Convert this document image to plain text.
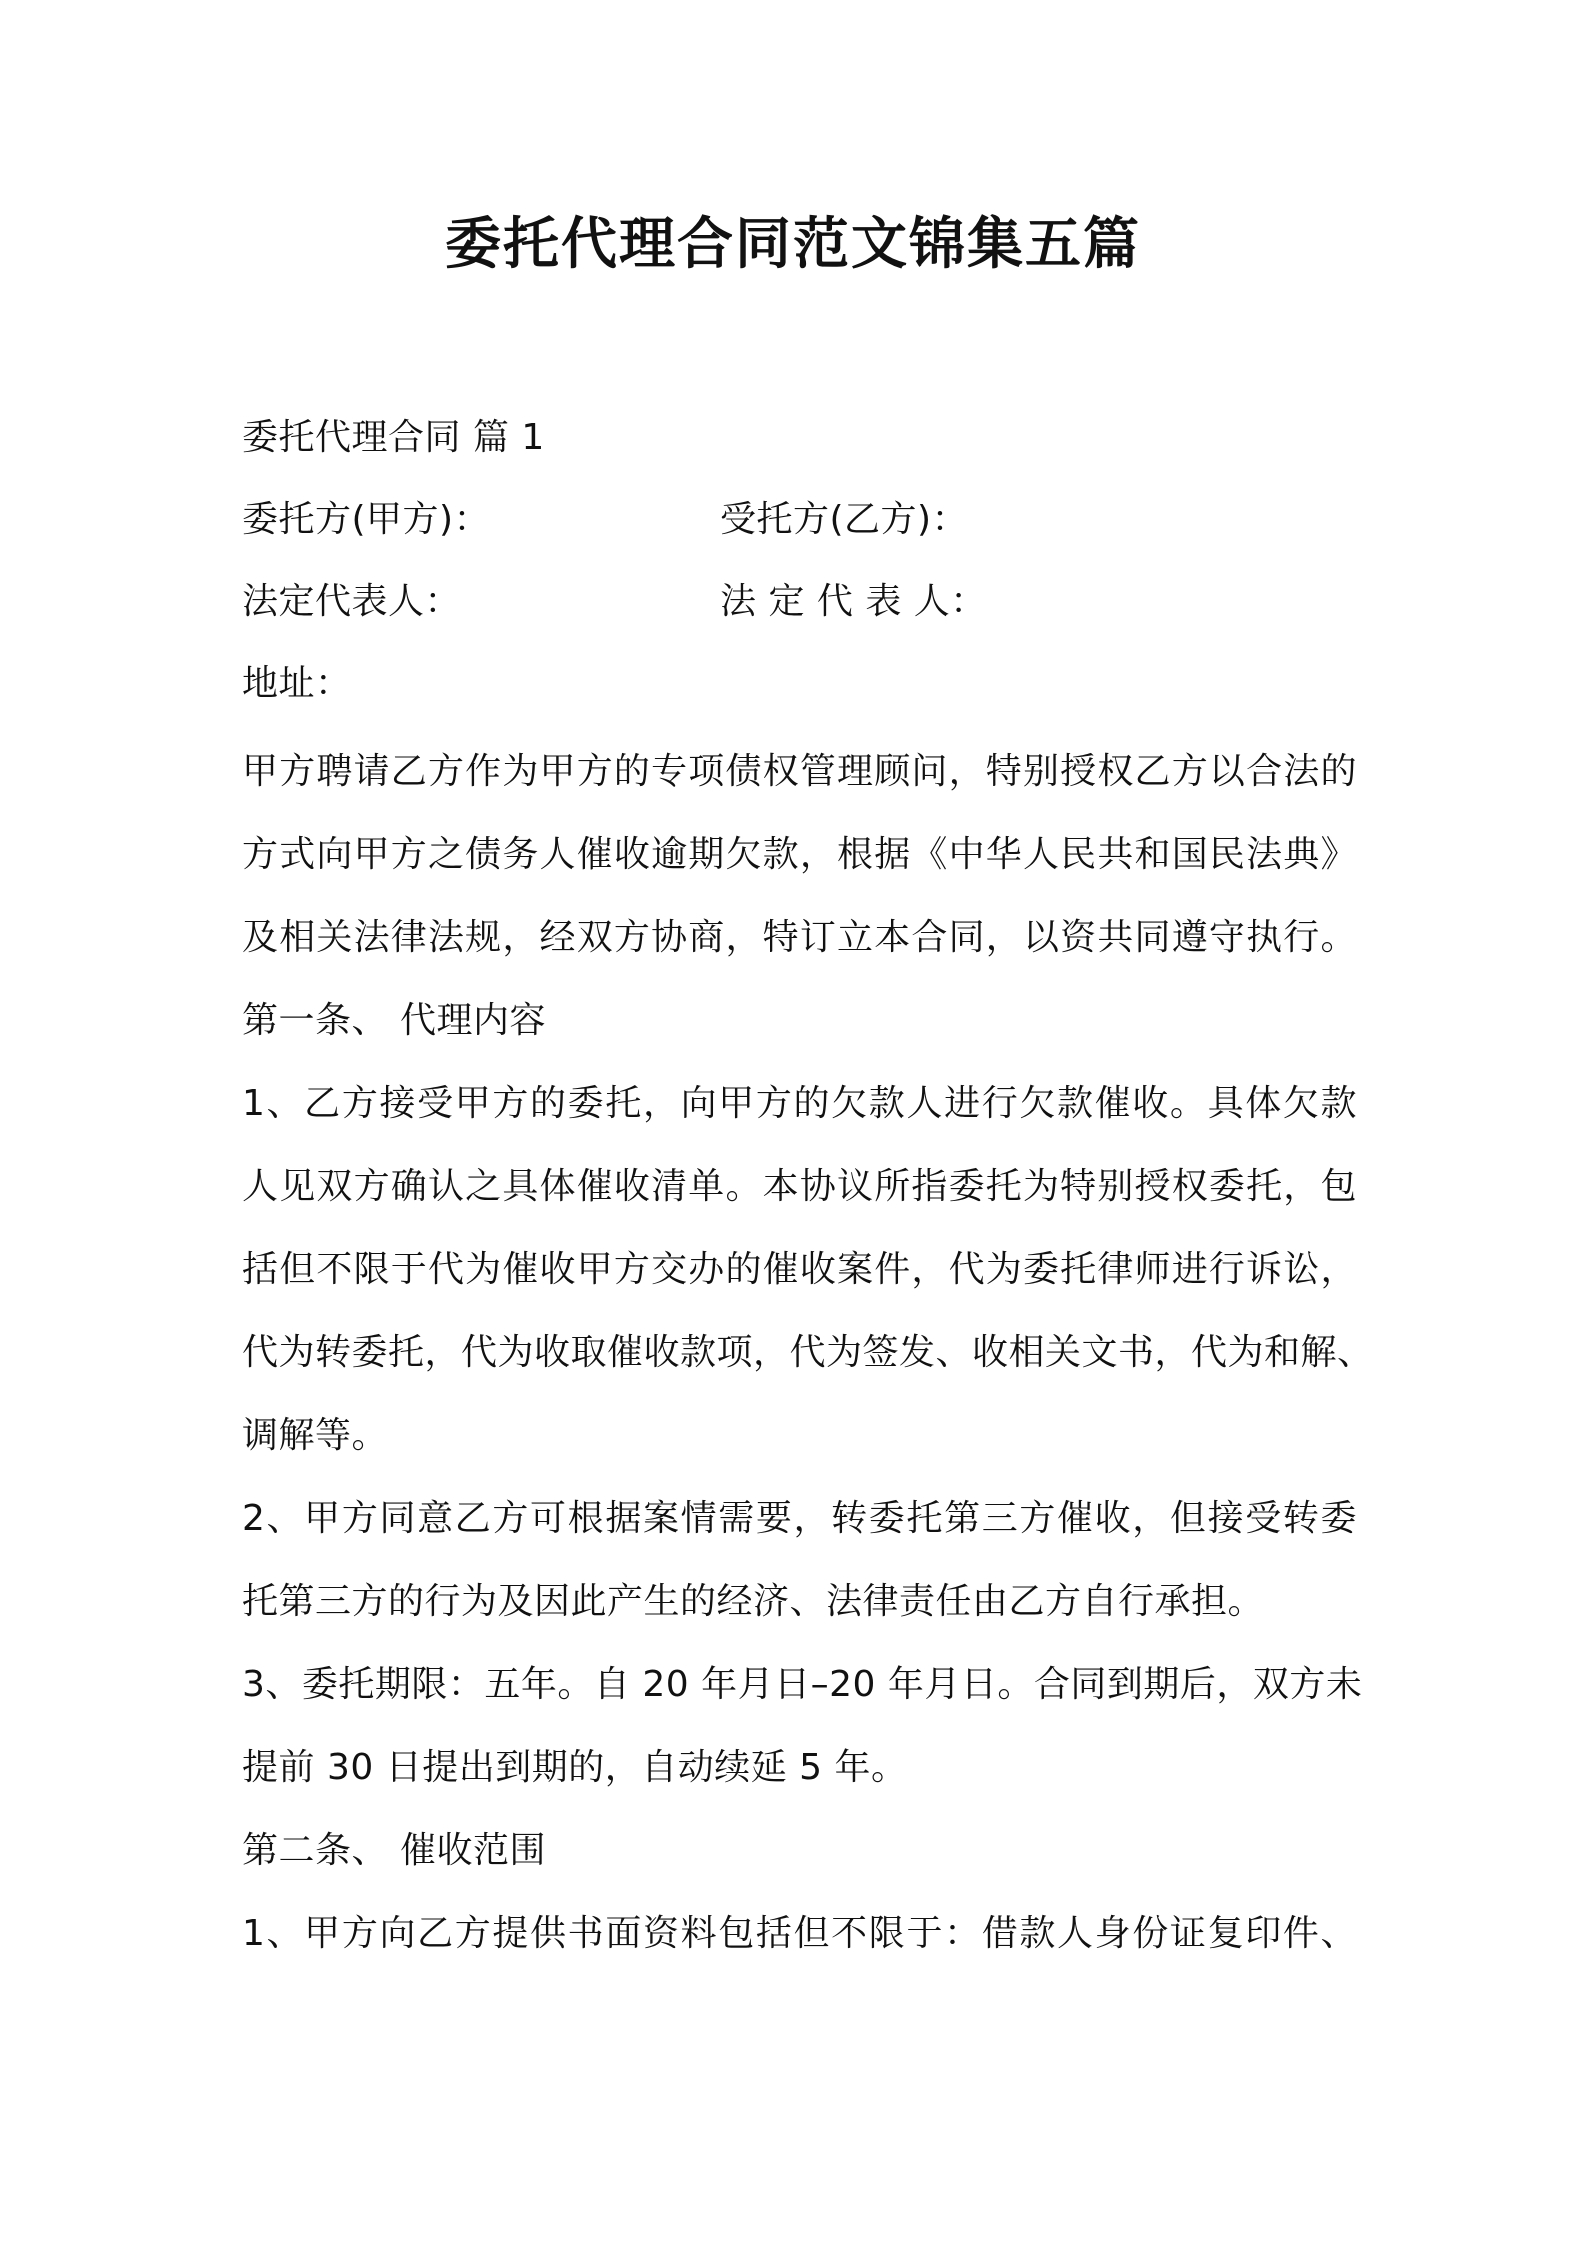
委托代理合同范文锦集五篇
委托代理合同 篇 1
委托方(甲方)：	受托方(乙方)：
法定代表人：	法 定 代 表 人：
地址：
甲方聘请乙方作为甲方的专项债权管理顾问，特别授权乙方以合法的
方式向甲方之债务人催收逾期欠款，根据《中华人民共和国民法典》
及相关法律法规，经双方协商，特订立本合同，以资共同遵守执行。
第一条、 代理内容
1、乙方接受甲方的委托，向甲方的欠款人进行欠款催收。具体欠款
人见双方确认之具体催收清单。本协议所指委托为特别授权委托，包
括但不限于代为催收甲方交办的催收案件，代为委托律师进行诉讼，
代为转委托，代为收取催收款项，代为签发、收相关文书，代为和解、
调解等。
2、甲方同意乙方可根据案情需要，转委托第三方催收，但接受转委
托第三方的行为及因此产生的经济、法律责任由乙方自行承担。
3、委托期限：五年。自 20 年月日–20 年月日。合同到期后，双方未
提前 30 日提出到期的，自动续延 5 年。
第二条、 催收范围
1、甲方向乙方提供书面资料包括但不限于：借款人身份证复印件、
